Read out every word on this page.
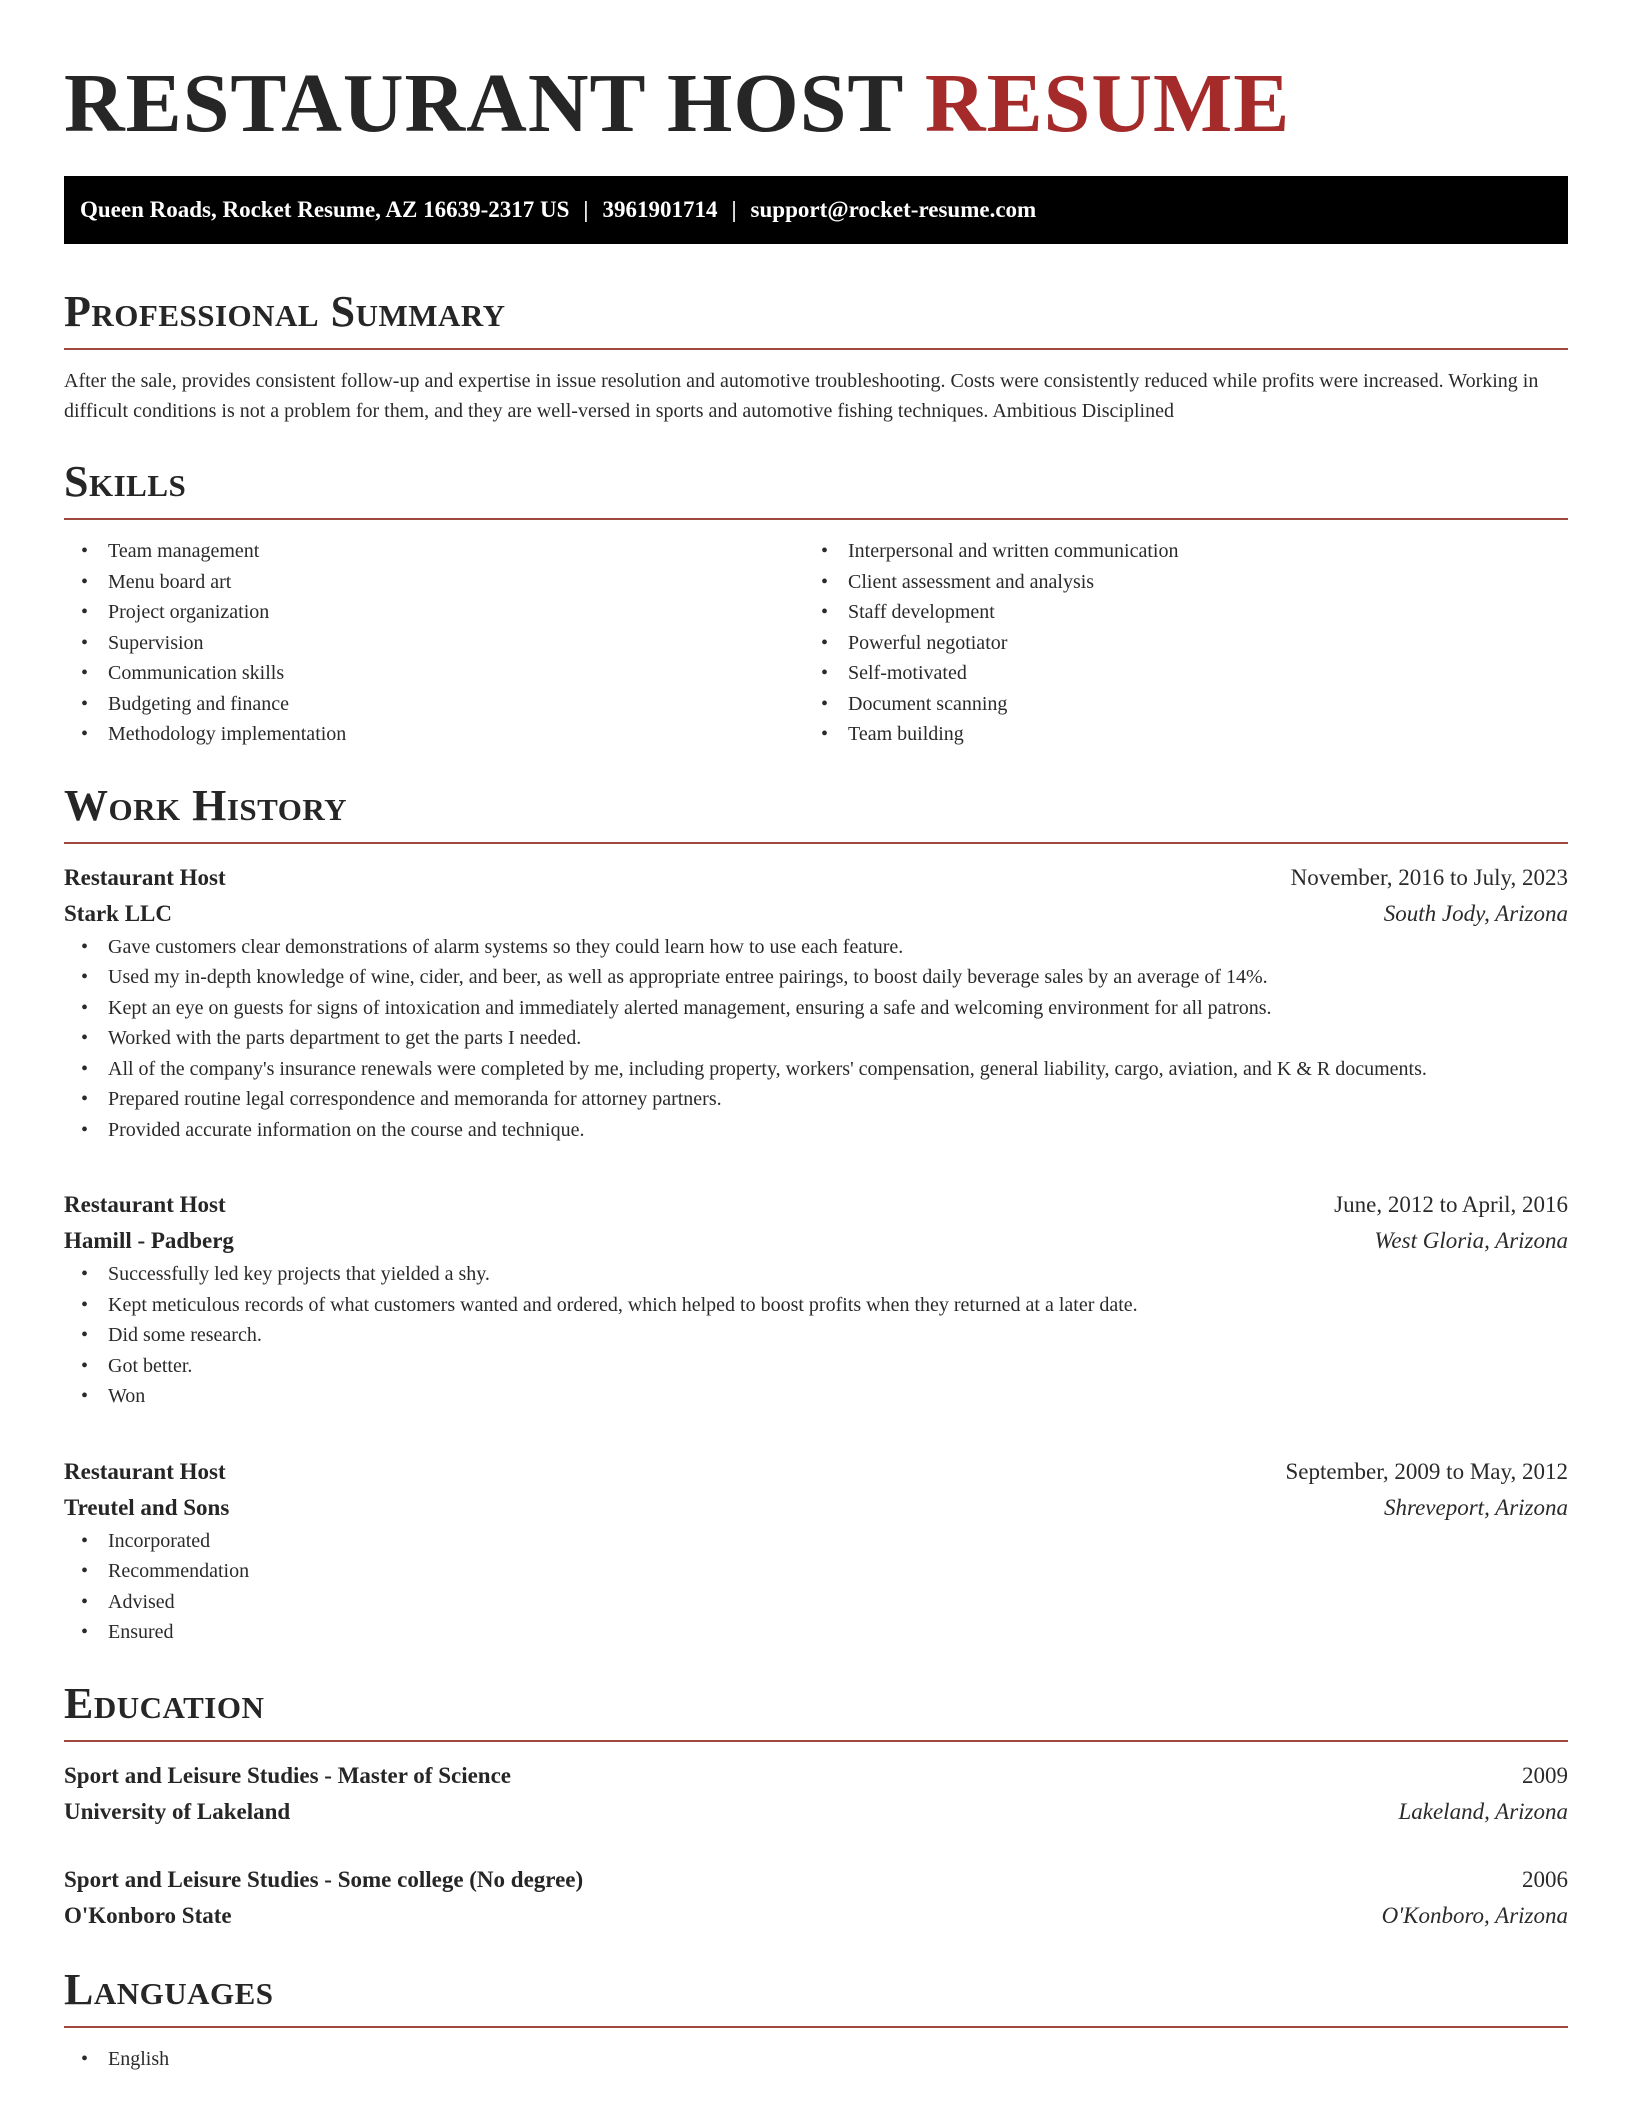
RESTAURANT HOST RESUME
Queen Roads, Rocket Resume, AZ 16639-2317 US | 3961901714 | support@rocket-resume.com
Professional Summary
After the sale, provides consistent follow-up and expertise in issue resolution and automotive troubleshooting. Costs were consistently reduced while profits were increased. Working in difficult conditions is not a problem for them, and they are well-versed in sports and automotive fishing techniques. Ambitious Disciplined
Skills
• Team management
• Menu board art
• Project organization
• Supervision
• Communication skills
• Budgeting and finance
• Methodology implementation
• Interpersonal and written communication
• Client assessment and analysis
• Staff development
• Powerful negotiator
• Self-motivated
• Document scanning
• Team building
Work History
Restaurant Host	November, 2016 to July, 2023
Stark LLC	South Jody, Arizona
• Gave customers clear demonstrations of alarm systems so they could learn how to use each feature.
• Used my in-depth knowledge of wine, cider, and beer, as well as appropriate entree pairings, to boost daily beverage sales by an average of 14%.
• Kept an eye on guests for signs of intoxication and immediately alerted management, ensuring a safe and welcoming environment for all patrons.
• Worked with the parts department to get the parts I needed.
• All of the company's insurance renewals were completed by me, including property, workers' compensation, general liability, cargo, aviation, and K & R documents.
• Prepared routine legal correspondence and memoranda for attorney partners.
• Provided accurate information on the course and technique.
Restaurant Host	June, 2012 to April, 2016
Hamill - Padberg	West Gloria, Arizona
• Successfully led key projects that yielded a shy.
• Kept meticulous records of what customers wanted and ordered, which helped to boost profits when they returned at a later date.
• Did some research.
• Got better.
• Won
Restaurant Host	September, 2009 to May, 2012
Treutel and Sons	Shreveport, Arizona
• Incorporated
• Recommendation
• Advised
• Ensured
Education
Sport and Leisure Studies - Master of Science	2009
University of Lakeland	Lakeland, Arizona
Sport and Leisure Studies - Some college (No degree)	2006
O'Konboro State	O'Konboro, Arizona
Languages
• English
